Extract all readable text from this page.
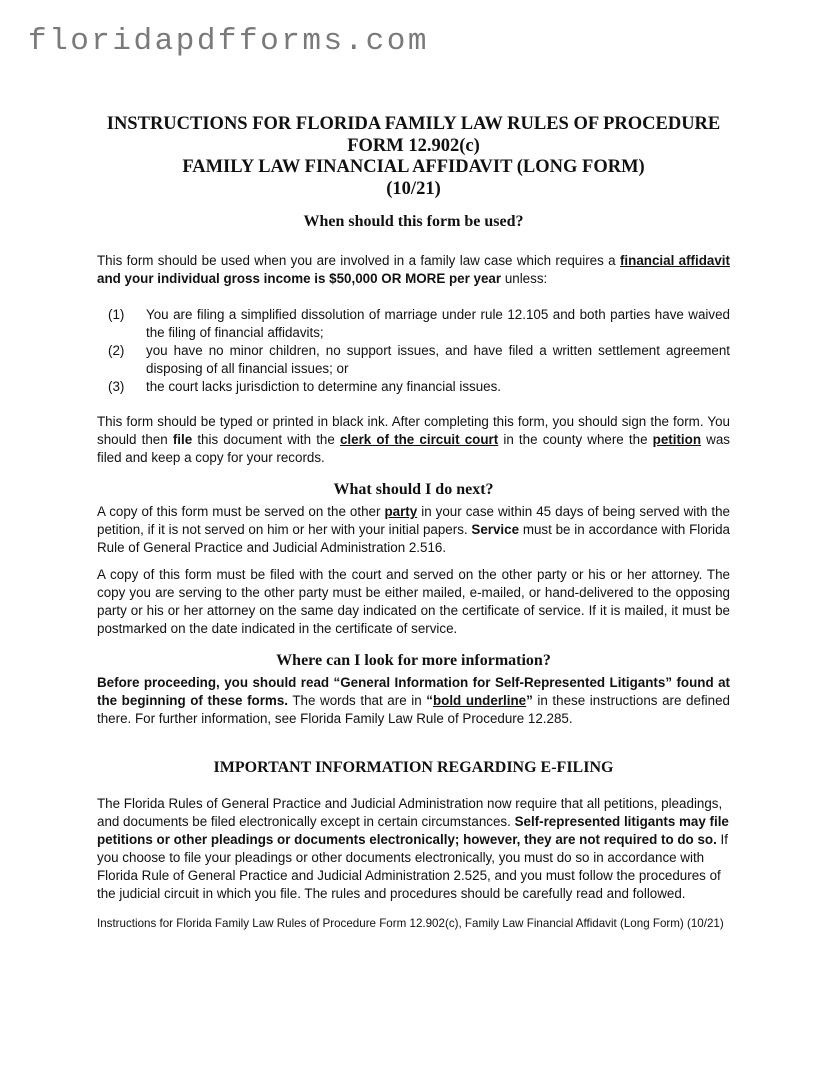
floridapdfforms.com
INSTRUCTIONS FOR FLORIDA FAMILY LAW RULES OF PROCEDURE
FORM 12.902(c)
FAMILY LAW FINANCIAL AFFIDAVIT (LONG FORM)
(10/21)
When should this form be used?

This form should be used when you are involved in a family law case which requires a financial affidavit and your individual gross income is $50,000 OR MORE per year unless:

(1) You are filing a simplified dissolution of marriage under rule 12.105 and both parties have waived the filing of financial affidavits;
(2) you have no minor children, no support issues, and have filed a written settlement agreement disposing of all financial issues; or
(3) the court lacks jurisdiction to determine any financial issues.

This form should be typed or printed in black ink. After completing this form, you should sign the form. You should then file this document with the clerk of the circuit court in the county where the petition was filed and keep a copy for your records.

What should I do next?

A copy of this form must be served on the other party in your case within 45 days of being served with the petition, if it is not served on him or her with your initial papers. Service must be in accordance with Florida Rule of General Practice and Judicial Administration 2.516.

A copy of this form must be filed with the court and served on the other party or his or her attorney. The copy you are serving to the other party must be either mailed, e-mailed, or hand-delivered to the opposing party or his or her attorney on the same day indicated on the certificate of service. If it is mailed, it must be postmarked on the date indicated in the certificate of service.

Where can I look for more information?

Before proceeding, you should read “General Information for Self-Represented Litigants” found at the beginning of these forms. The words that are in “bold underline” in these instructions are defined there. For further information, see Florida Family Law Rule of Procedure 12.285.

IMPORTANT INFORMATION REGARDING E-FILING

The Florida Rules of General Practice and Judicial Administration now require that all petitions, pleadings, and documents be filed electronically except in certain circumstances. Self-represented litigants may file petitions or other pleadings or documents electronically; however, they are not required to do so. If you choose to file your pleadings or other documents electronically, you must do so in accordance with Florida Rule of General Practice and Judicial Administration 2.525, and you must follow the procedures of the judicial circuit in which you file. The rules and procedures should be carefully read and followed.

Instructions for Florida Family Law Rules of Procedure Form 12.902(c), Family Law Financial Affidavit (Long Form) (10/21)
